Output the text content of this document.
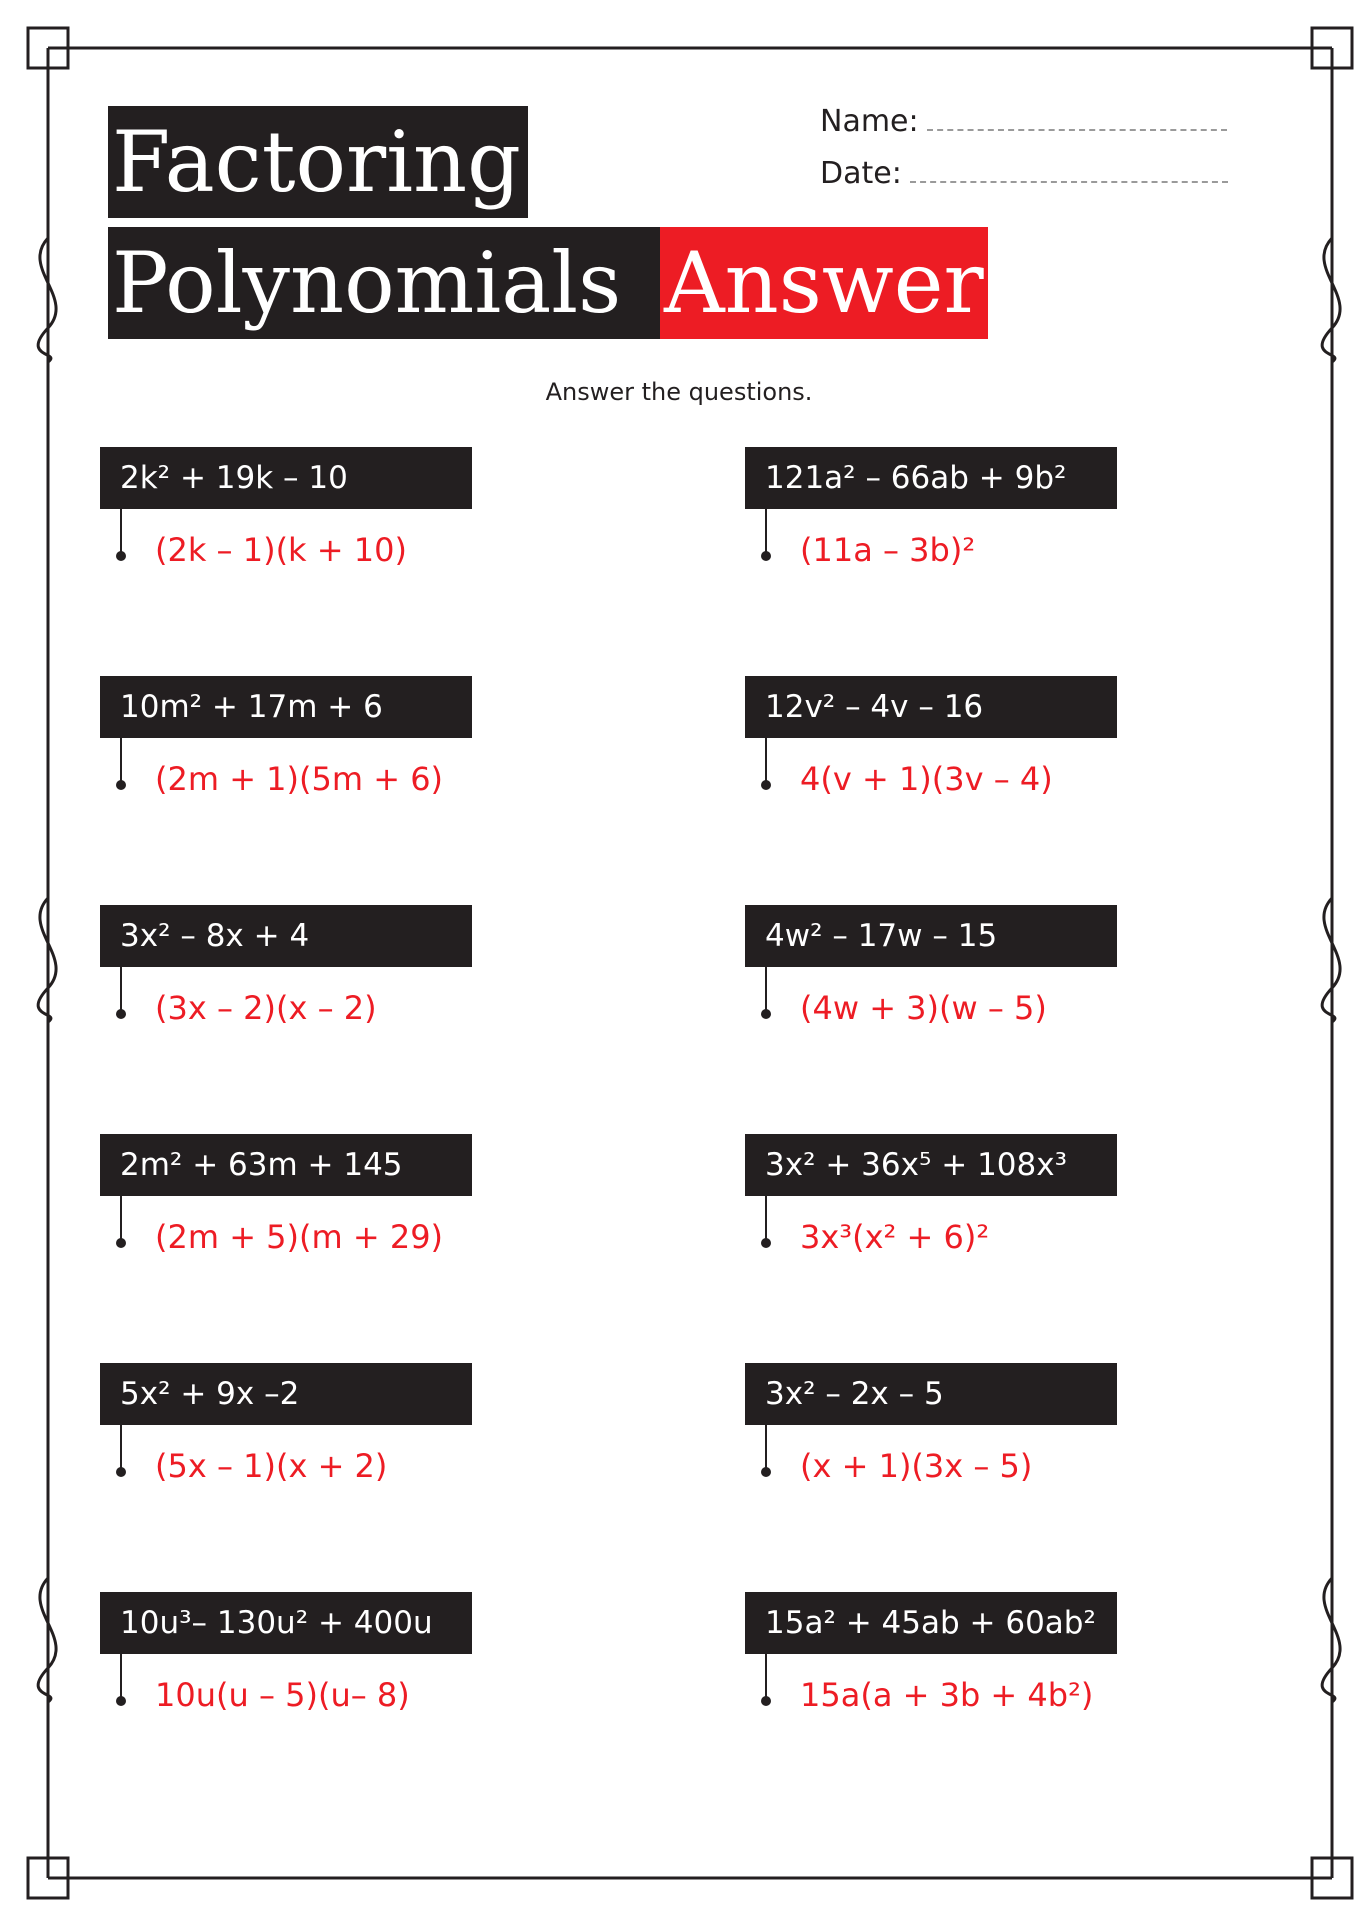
Factoring
Polynomials Answer
Name:
Date:
Answer the questions.
2k² + 19k – 10
(2k – 1)(k + 10)
121a² – 66ab + 9b²
(11a – 3b)²
10m² + 17m + 6
(2m + 1)(5m + 6)
12v² – 4v – 16
4(v + 1)(3v – 4)
3x² – 8x + 4
(3x – 2)(x – 2)
4w² – 17w – 15
(4w + 3)(w – 5)
2m² + 63m + 145
(2m + 5)(m + 29)
3x² + 36x⁵ + 108x³
3x³(x² + 6)²
5x² + 9x –2
(5x – 1)(x + 2)
3x² – 2x – 5
(x + 1)(3x – 5)
10u³– 130u² + 400u
10u(u – 5)(u– 8)
15a² + 45ab + 60ab²
15a(a + 3b + 4b²)
